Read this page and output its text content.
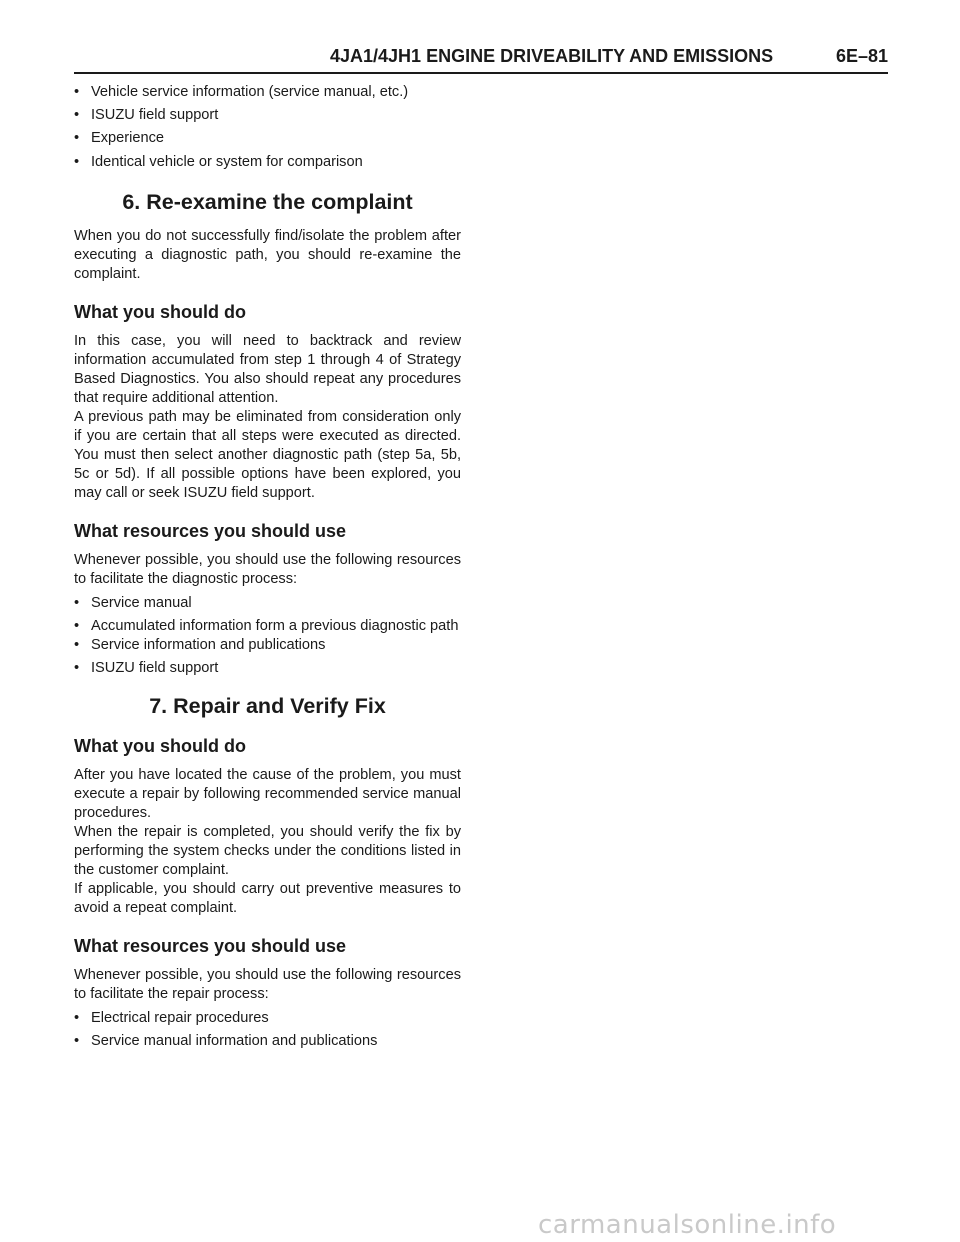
4JA1/4JH1 ENGINE DRIVEABILITY AND EMISSIONS	6E–81
• Vehicle service information (service manual, etc.)
• ISUZU field support
• Experience
• Identical vehicle or system for comparison
6. Re-examine the complaint

When you do not successfully find/isolate the problem after executing a diagnostic path, you should re-examine the complaint.

What you should do

In this case, you will need to backtrack and review information accumulated from step 1 through 4 of Strategy Based Diagnostics. You also should repeat any procedures that require additional attention.

A previous path may be eliminated from consideration only if you are certain that all steps were executed as directed. You must then select another diagnostic path (step 5a, 5b, 5c or 5d). If all possible options have been explored, you may call or seek ISUZU field support.

What resources you should use

Whenever possible, you should use the following resources to facilitate the diagnostic process:

• Service manual
• Accumulated information form a previous diagnostic path
• Service information and publications
• ISUZU field support
7. Repair and Verify Fix
What you should do

After you have located the cause of the problem, you must execute a repair by following recommended service manual procedures.

When the repair is completed, you should verify the fix by performing the system checks under the conditions listed in the customer complaint.

If applicable, you should carry out preventive measures to avoid a repeat complaint.

What resources you should use

Whenever possible, you should use the following resources to facilitate the repair process:

• Electrical repair procedures
• Service manual information and publications
carmanualsonline.info
